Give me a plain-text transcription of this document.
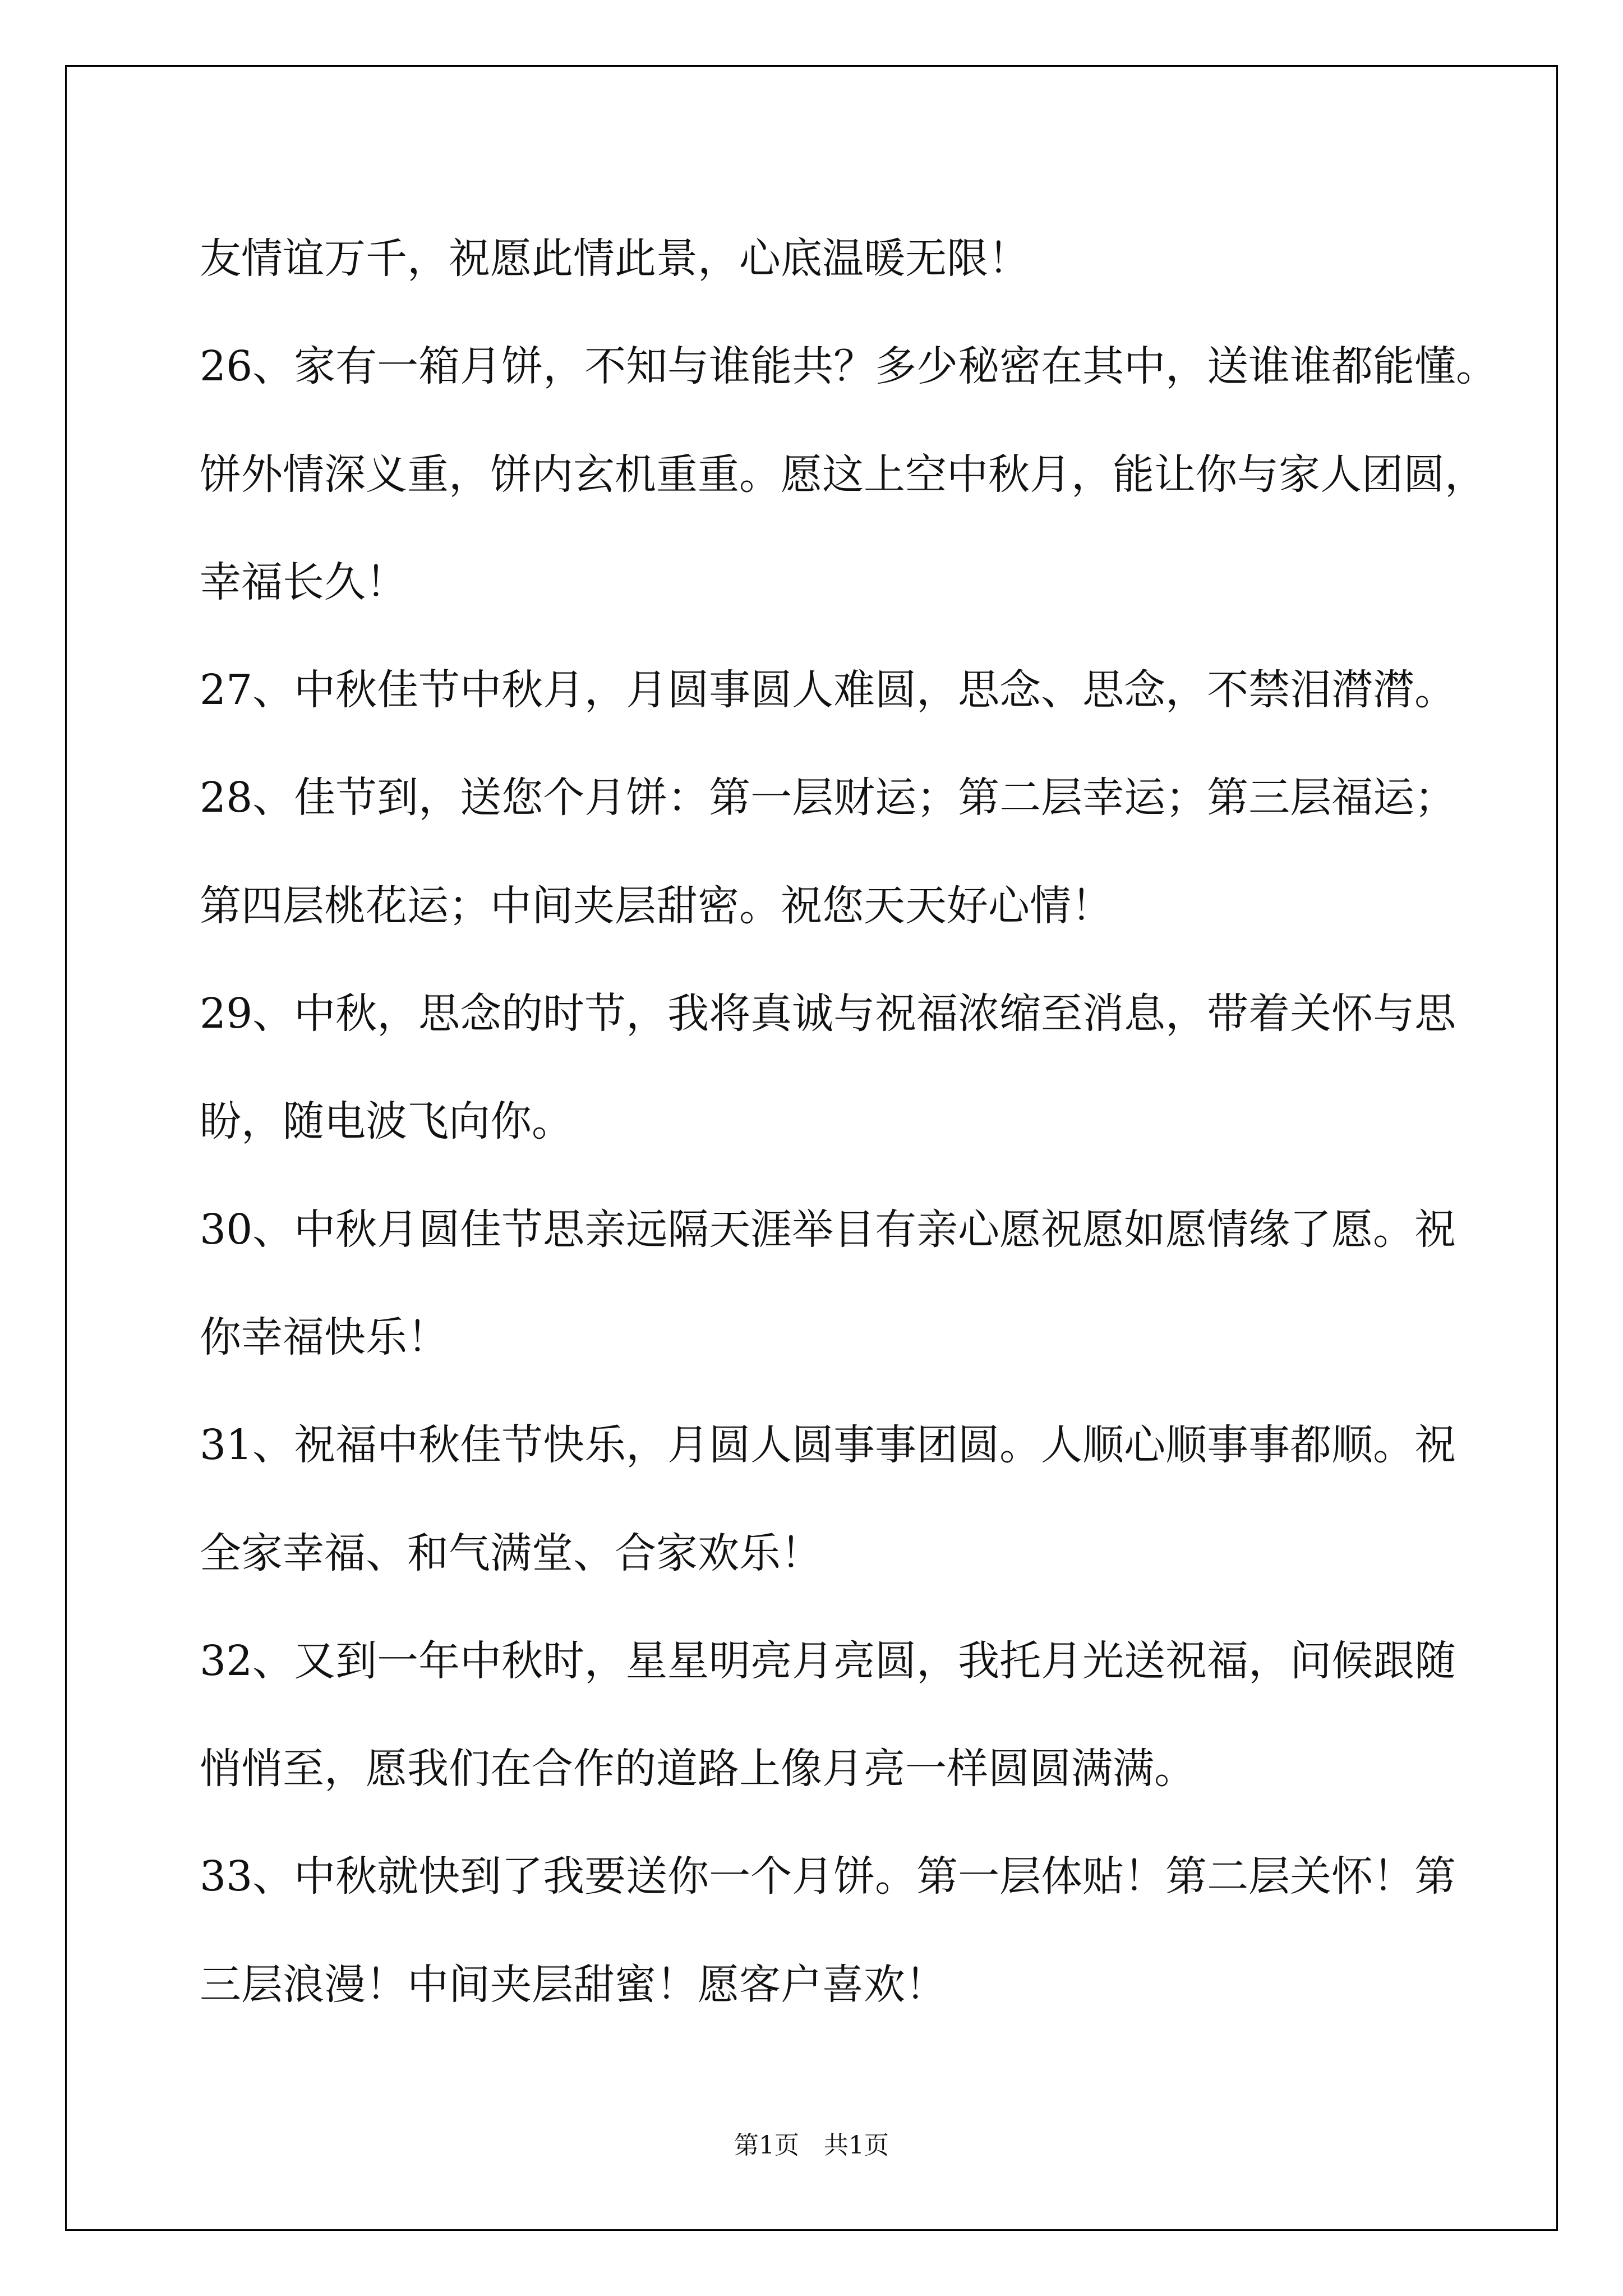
友情谊万千，祝愿此情此景，心底温暖无限！
26、家有一箱月饼，不知与谁能共？多少秘密在其中，送谁谁都能懂。
饼外情深义重，饼内玄机重重。愿这上空中秋月，能让你与家人团圆，
幸福长久！
27、中秋佳节中秋月，月圆事圆人难圆，思念、思念，不禁泪潸潸。
28、佳节到，送您个月饼：第一层财运；第二层幸运；第三层福运；
第四层桃花运；中间夹层甜密。祝您天天好心情！
29、中秋，思念的时节，我将真诚与祝福浓缩至消息，带着关怀与思
盼，随电波飞向你。
30、中秋月圆佳节思亲远隔天涯举目有亲心愿祝愿如愿情缘了愿。祝
你幸福快乐！
31、祝福中秋佳节快乐，月圆人圆事事团圆。人顺心顺事事都顺。祝
全家幸福、和气满堂、合家欢乐！
32、又到一年中秋时，星星明亮月亮圆，我托月光送祝福，问候跟随
悄悄至，愿我们在合作的道路上像月亮一样圆圆满满。
33、中秋就快到了我要送你一个月饼。第一层体贴！第二层关怀！第
三层浪漫！中间夹层甜蜜！愿客户喜欢！
第1页 共1页
